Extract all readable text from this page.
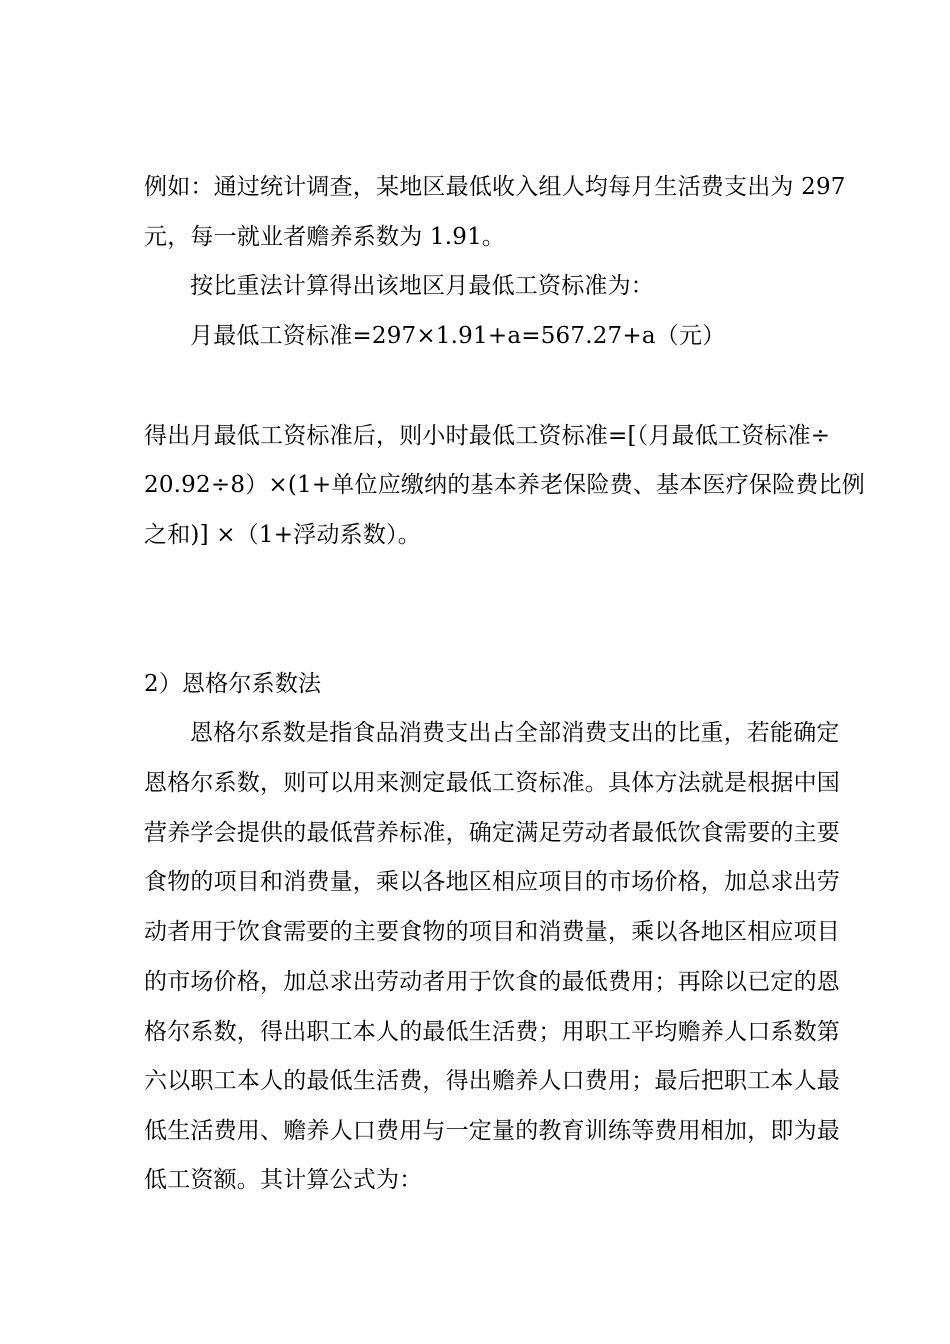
例如：通过统计调查，某地区最低收入组人均每月生活费支出为 297
元，每一就业者赡养系数为 1.91。
按比重法计算得出该地区月最低工资标准为：
月最低工资标准=297×1.91+a=567.27+a（元）
得出月最低工资标准后，则小时最低工资标准=[（月最低工资标准÷
20.92÷8）×(1+单位应缴纳的基本养老保险费、基本医疗保险费比例
之和)] ×（1+浮动系数）。
2）恩格尔系数法
恩格尔系数是指食品消费支出占全部消费支出的比重，若能确定
恩格尔系数，则可以用来测定最低工资标准。具体方法就是根据中国
营养学会提供的最低营养标准，确定满足劳动者最低饮食需要的主要
食物的项目和消费量，乘以各地区相应项目的市场价格，加总求出劳
动者用于饮食需要的主要食物的项目和消费量，乘以各地区相应项目
的市场价格，加总求出劳动者用于饮食的最低费用；再除以已定的恩
格尔系数，得出职工本人的最低生活费；用职工平均赡养人口系数第
六以职工本人的最低生活费，得出赡养人口费用；最后把职工本人最
低生活费用、赡养人口费用与一定量的教育训练等费用相加，即为最
低工资额。其计算公式为：
